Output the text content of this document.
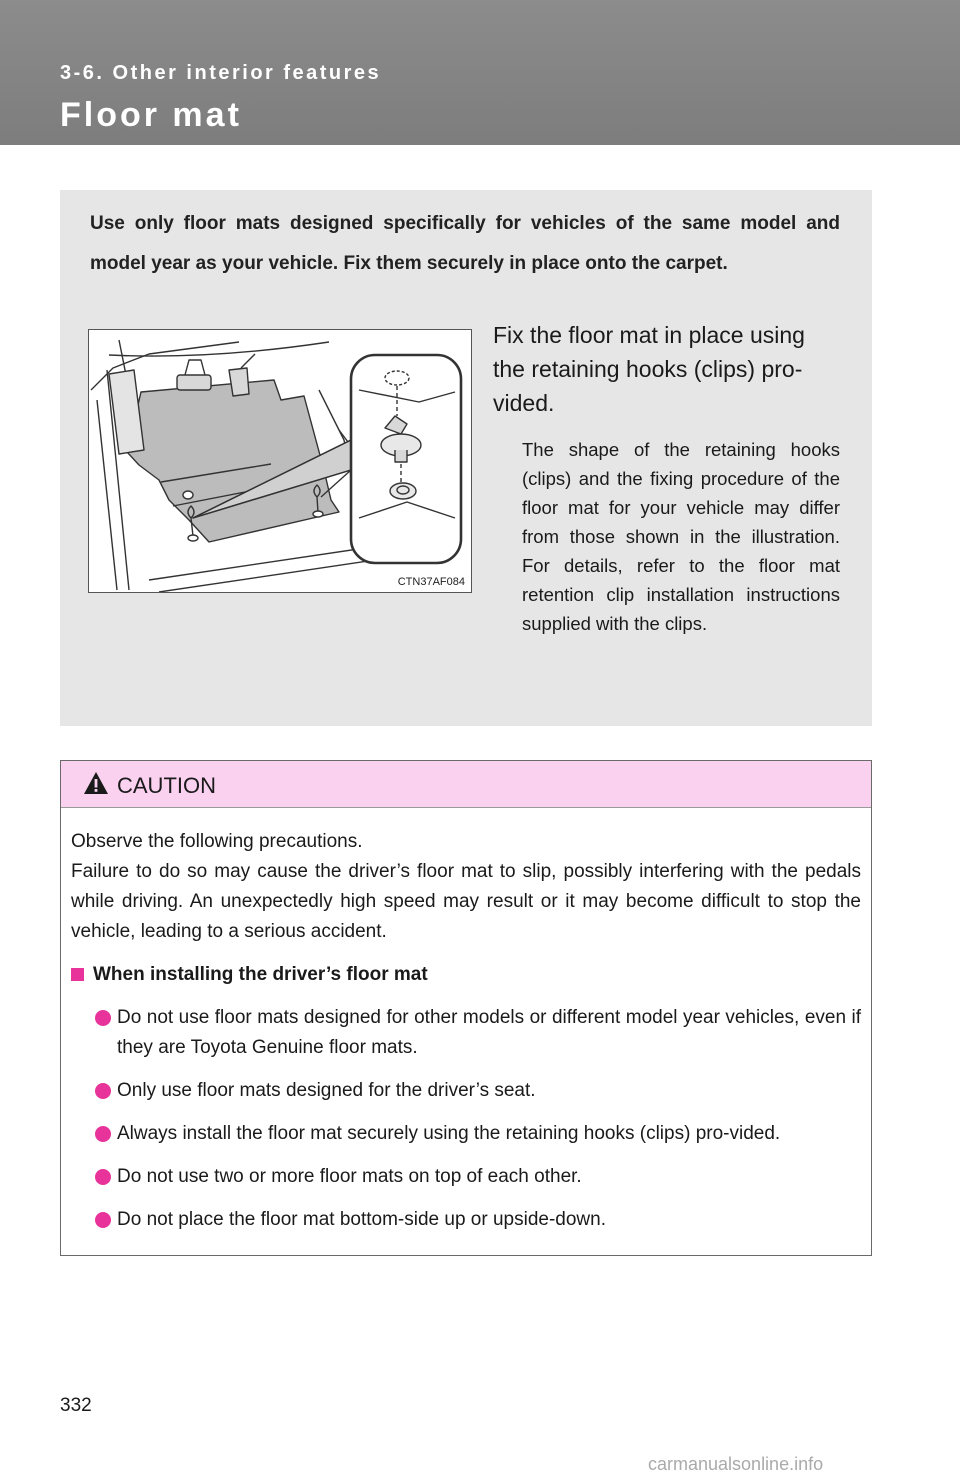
3-6. Other interior features
Floor mat
Use only floor mats designed specifically for vehicles of the same model and model year as your vehicle. Fix them securely in place onto the carpet.
CTN37AF084
Fix the floor mat in place using the retaining hooks (clips) pro-vided.
The shape of the retaining hooks (clips) and the fixing procedure of the floor mat for your vehicle may differ from those shown in the illustration. For details, refer to the floor mat retention clip installation instructions supplied with the clips.
CAUTION

Observe the following precautions.

Failure to do so may cause the driver’s floor mat to slip, possibly interfering with the pedals while driving. An unexpectedly high speed may result or it may become difficult to stop the vehicle, leading to a serious accident.

When installing the driver’s floor mat

Do not use floor mats designed for other models or different model year vehicles, even if they are Toyota Genuine floor mats.

Only use floor mats designed for the driver’s seat.

Always install the floor mat securely using the retaining hooks (clips) pro-vided.

Do not use two or more floor mats on top of each other.

Do not place the floor mat bottom-side up or upside-down.

332
carmanualsonline.info
